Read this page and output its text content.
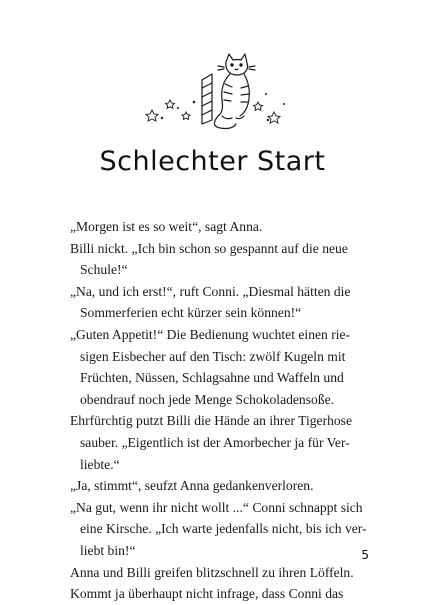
Schlechter Start
„Morgen ist es so weit“, sagt Anna.
Billi nickt. „Ich bin schon so gespannt auf die neue
Schule!“
„Na, und ich erst!“, ruft Conni. „Diesmal hätten die
Sommerferien echt kürzer sein können!“
„Guten Appetit!“ Die Bedienung wuchtet einen rie-
sigen Eisbecher auf den Tisch: zwölf Kugeln mit
Früchten, Nüssen, Schlagsahne und Waffeln und
obendrauf noch jede Menge Schokoladensoße.
Ehrfürchtig putzt Billi die Hände an ihrer Tigerhose
sauber. „Eigentlich ist der Amorbecher ja für Ver-
liebte.“
„Ja, stimmt“, seufzt Anna gedankenverloren.
„Na gut, wenn ihr nicht wollt ...“ Conni schnappt sich
eine Kirsche. „Ich warte jedenfalls nicht, bis ich ver-
liebt bin!“
Anna und Billi greifen blitzschnell zu ihren Löffeln.
Kommt ja überhaupt nicht infrage, dass Conni das
5
